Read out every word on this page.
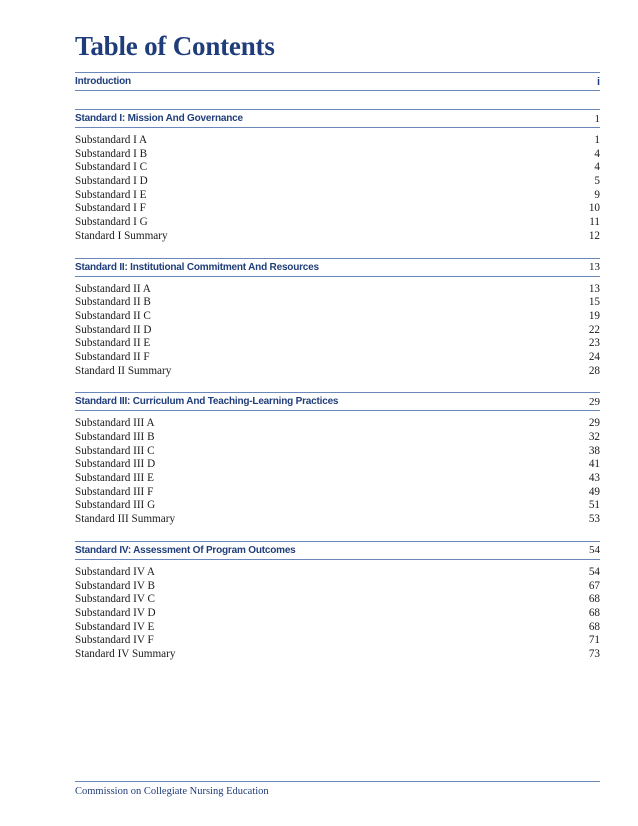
Table of Contents
Introduction	i
Standard I: Mission And Governance	1
Substandard I A	1
Substandard I B	4
Substandard I C	4
Substandard I D	5
Substandard I E	9
Substandard I F	10
Substandard I G	11
Standard I Summary	12
Standard II: Institutional Commitment And Resources	13
Substandard II A	13
Substandard II B	15
Substandard II C	19
Substandard II D	22
Substandard II E	23
Substandard II F	24
Standard II Summary	28
Standard III: Curriculum And Teaching-Learning Practices	29
Substandard III A	29
Substandard III B	32
Substandard III C	38
Substandard III D	41
Substandard III E	43
Substandard III F	49
Substandard III G	51
Standard III Summary	53
Standard IV: Assessment Of Program Outcomes	54
Substandard IV A	54
Substandard IV B	67
Substandard IV C	68
Substandard IV D	68
Substandard IV E	68
Substandard IV F	71
Standard IV Summary	73
Commission on Collegiate Nursing Education
